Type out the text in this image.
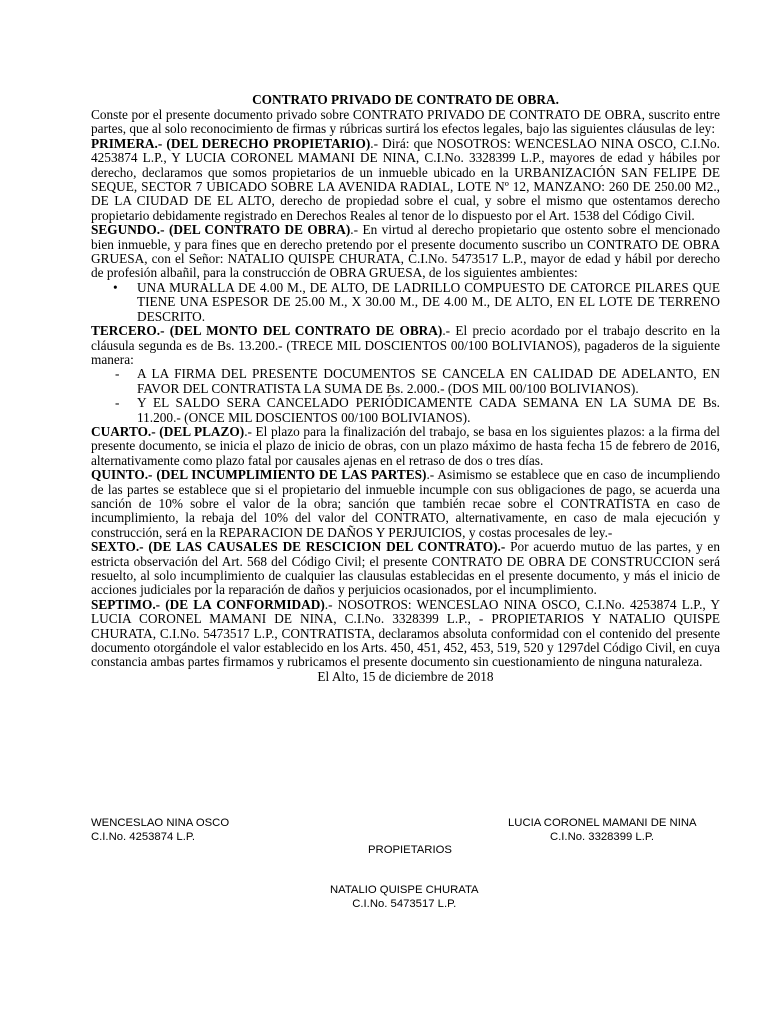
CONTRATO PRIVADO DE CONTRATO DE OBRA.

Conste por el presente documento privado sobre CONTRATO PRIVADO DE CONTRATO DE OBRA, suscrito entre partes, que al solo reconocimiento de firmas y rúbricas surtirá los efectos legales, bajo las siguientes cláusulas de ley:

PRIMERA.- (DEL DERECHO PROPIETARIO).- Dirá: que NOSOTROS: WENCESLAO NINA OSCO, C.I.No. 4253874 L.P., Y LUCIA CORONEL MAMANI DE NINA, C.I.No. 3328399 L.P., mayores de edad y hábiles por derecho, declaramos que somos propietarios de un inmueble ubicado en la URBANIZACIÓN SAN FELIPE DE SEQUE, SECTOR 7 UBICADO SOBRE LA AVENIDA RADIAL, LOTE Nº 12, MANZANO: 260 DE 250.00 M2., DE LA CIUDAD DE EL ALTO, derecho de propiedad sobre el cual, y sobre el mismo que ostentamos derecho propietario debidamente registrado en Derechos Reales al tenor de lo dispuesto por el Art. 1538 del Código Civil.

SEGUNDO.- (DEL CONTRATO DE OBRA).- En virtud al derecho propietario que ostento sobre el mencionado bien inmueble, y para fines que en derecho pretendo por el presente documento suscribo un CONTRATO DE OBRA GRUESA, con el Señor: NATALIO QUISPE CHURATA, C.I.No. 5473517 L.P., mayor de edad y hábil por derecho de profesión albañil, para la construcción de OBRA GRUESA, de los siguientes ambientes:

• UNA MURALLA DE 4.00 M., DE ALTO, DE LADRILLO COMPUESTO DE CATORCE PILARES QUE TIENE UNA ESPESOR DE 25.00 M., X 30.00 M., DE 4.00 M., DE ALTO, EN EL LOTE DE TERRENO DESCRITO.

TERCERO.- (DEL MONTO DEL CONTRATO DE OBRA).- El precio acordado por el trabajo descrito en la cláusula segunda es de Bs. 13.200.- (TRECE MIL DOSCIENTOS 00/100 BOLIVIANOS), pagaderos de la siguiente manera:

- A LA FIRMA DEL PRESENTE DOCUMENTOS SE CANCELA EN CALIDAD DE ADELANTO, EN FAVOR DEL CONTRATISTA LA SUMA DE Bs. 2.000.- (DOS MIL 00/100 BOLIVIANOS).
- Y EL SALDO SERA CANCELADO PERIÓDICAMENTE CADA SEMANA EN LA SUMA DE Bs. 11.200.- (ONCE MIL DOSCIENTOS 00/100 BOLIVIANOS).

CUARTO.- (DEL PLAZO).- El plazo para la finalización del trabajo, se basa en los siguientes plazos: a la firma del presente documento, se inicia el plazo de inicio de obras, con un plazo máximo de hasta fecha 15 de febrero de 2016, alternativamente como plazo fatal por causales ajenas en el retraso de dos o tres días.

QUINTO.- (DEL INCUMPLIMIENTO DE LAS PARTES).- Asimismo se establece que en caso de incumpliendo de las partes se establece que si el propietario del inmueble incumple con sus obligaciones de pago, se acuerda una sanción de 10% sobre el valor de la obra; sanción que también recae sobre el CONTRATISTA en caso de incumplimiento, la rebaja del 10% del valor del CONTRATO, alternativamente, en caso de mala ejecución y construcción, será en la REPARACION DE DAÑOS Y PERJUICIOS, y costas procesales de ley.-

SEXTO.- (DE LAS CAUSALES DE RESCICION DEL CONTRATO).- Por acuerdo mutuo de las partes, y en estricta observación del Art. 568 del Código Civil; el presente CONTRATO DE OBRA DE CONSTRUCCION será resuelto, al solo incumplimiento de cualquier las clausulas establecidas en el presente documento, y más el inicio de acciones judiciales por la reparación de daños y perjuicios ocasionados, por el incumplimiento.

SEPTIMO.- (DE LA CONFORMIDAD).- NOSOTROS: WENCESLAO NINA OSCO, C.I.No. 4253874 L.P., Y LUCIA CORONEL MAMANI DE NINA, C.I.No. 3328399 L.P., - PROPIETARIOS Y NATALIO QUISPE CHURATA, C.I.No. 5473517 L.P., CONTRATISTA, declaramos absoluta conformidad con el contenido del presente documento otorgándole el valor establecido en los Arts. 450, 451, 452, 453, 519, 520 y 1297del Código Civil, en cuya constancia ambas partes firmamos y rubricamos el presente documento sin cuestionamiento de ninguna naturaleza.

El Alto, 15 de diciembre de 2018
WENCESLAO NINA OSCO
C.I.No. 4253874 L.P.
LUCIA CORONEL MAMANI DE NINA
C.I.No. 3328399 L.P.
PROPIETARIOS
NATALIO QUISPE CHURATA
C.I.No. 5473517 L.P.
